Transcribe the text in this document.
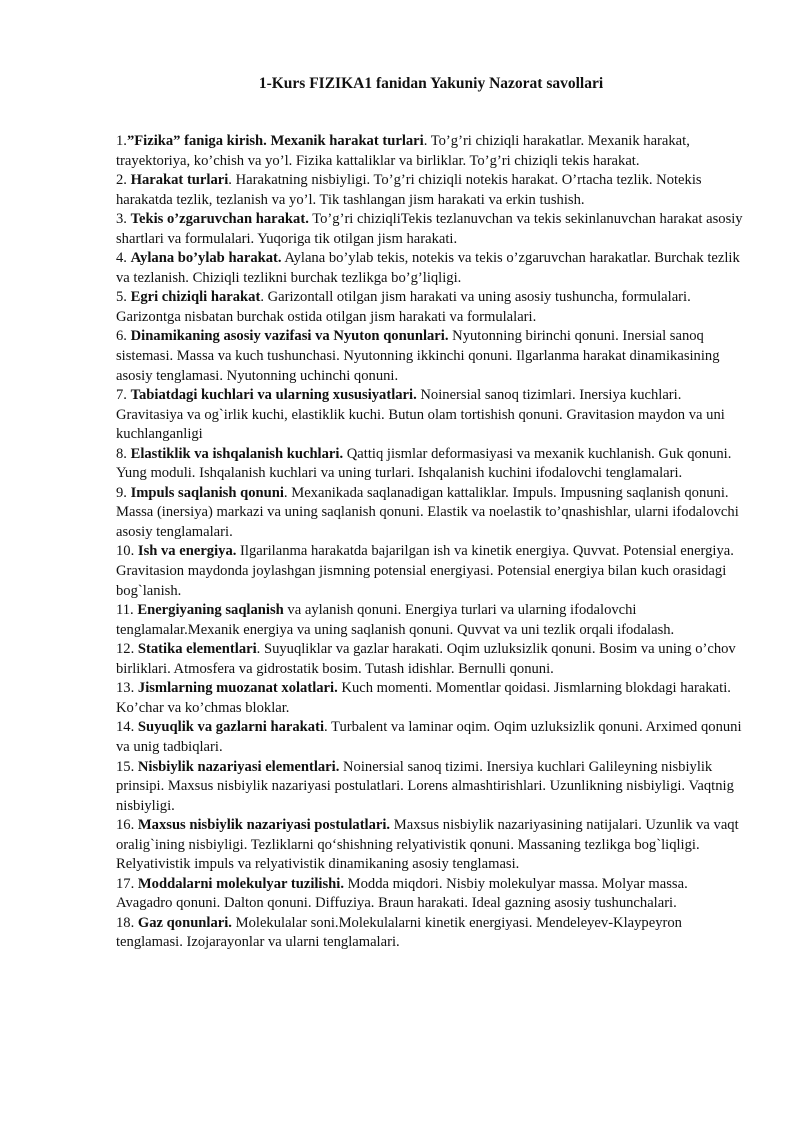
1-Kurs FIZIKA1 fanidan Yakuniy Nazorat savollari

1.”Fizika” faniga kirish. Mexanik harakat turlari. To’g’ri chiziqli harakatlar. Mexanik harakat, trayektoriya, ko’chish va yo’l. Fizika kattaliklar va birliklar. To’g’ri chiziqli tekis harakat.

2. Harakat turlari. Harakatning nisbiyligi. To’g’ri chiziqli notekis harakat. O’rtacha tezlik. Notekis harakatda tezlik, tezlanish va yo’l. Tik tashlangan jism harakati va erkin tushish.

3. Tekis o’zgaruvchan harakat. To’g’ri chiziqliTekis tezlanuvchan va tekis sekinlanuvchan harakat asosiy shartlari va formulalari. Yuqoriga tik otilgan jism harakati.

4. Aylana bo’ylab harakat. Aylana bo’ylab tekis, notekis va tekis o’zgaruvchan harakatlar. Burchak tezlik va tezlanish. Chiziqli tezlikni burchak tezlikga bo’g’liqligi.

5. Egri chiziqli harakat. Garizontall otilgan jism harakati va uning asosiy tushuncha, formulalari. Garizontga nisbatan burchak ostida otilgan jism harakati va formulalari.

6. Dinamikaning asosiy vazifasi va Nyuton qonunlari. Nyutonning birinchi qonuni. Inersial sanoq sistemasi. Massa va kuch tushunchasi. Nyutonning ikkinchi qonuni. Ilgarlanma harakat dinamikasining asosiy tenglamasi. Nyutonning uchinchi qonuni.

7. Tabiatdagi kuchlari va ularning xususiyatlari. Noinersial sanoq tizimlari. Inersiya kuchlari. Gravitasiya va og`irlik kuchi, elastiklik kuchi. Butun olam tortishish qonuni. Gravitasion maydon va uni kuchlanganligi

8. Elastiklik va ishqalanish kuchlari. Qattiq jismlar deformasiyasi va mexanik kuchlanish. Guk qonuni. Yung moduli. Ishqalanish kuchlari va uning turlari. Ishqalanish kuchini ifodalovchi tenglamalari.

9. Impuls saqlanish qonuni. Mexanikada saqlanadigan kattaliklar. Impuls. Impusning saqlanish qonuni. Massa (inersiya) markazi va uning saqlanish qonuni. Elastik va noelastik to’qnashishlar, ularni ifodalovchi asosiy tenglamalari.

10. Ish va energiya. Ilgarilanma harakatda bajarilgan ish va kinetik energiya. Quvvat. Potensial energiya. Gravitasion maydonda joylashgan jismning potensial energiyasi. Potensial energiya bilan kuch orasidagi bog`lanish.

11. Energiyaning saqlanish va aylanish qonuni. Energiya turlari va ularning ifodalovchi tenglamalar.Mexanik energiya va uning saqlanish qonuni. Quvvat va uni tezlik orqali ifodalash.

12. Statika elementlari. Suyuqliklar va gazlar harakati. Oqim uzluksizlik qonuni. Bosim va uning o’chov birliklari. Atmosfera va gidrostatik bosim. Tutash idishlar. Bernulli qonuni.

13. Jismlarning muozanat xolatlari. Kuch momenti. Momentlar qoidasi. Jismlarning blokdagi harakati. Ko’char va ko’chmas bloklar.

14. Suyuqlik va gazlarni harakati. Turbalent va laminar oqim. Oqim uzluksizlik qonuni. Arximed qonuni va unig tadbiqlari.

15. Nisbiylik nazariyasi elementlari. Noinersial sanoq tizimi. Inersiya kuchlari Galileyning nisbiylik prinsipi. Maxsus nisbiylik nazariyasi postulatlari. Lorens almashtirishlari. Uzunlikning nisbiyligi. Vaqtnig nisbiyligi.

16. Maxsus nisbiylik nazariyasi postulatlari. Maxsus nisbiylik nazariyasining natijalari. Uzunlik va vaqt oralig`ining nisbiyligi. Tezliklarni qo‘shishning relyativistik qonuni. Massaning tezlikga bog`liqligi. Relyativistik impuls va relyativistik dinamikaning asosiy tenglamasi.

17. Moddalarni molekulyar tuzilishi. Modda miqdori. Nisbiy molekulyar massa. Molyar massa. Avagadro qonuni. Dalton qonuni. Diffuziya. Braun harakati. Ideal gazning asosiy tushunchalari.

18. Gaz qonunlari. Molekulalar soni.Molekulalarni kinetik energiyasi. Mendeleyev-Klaypeyron tenglamasi. Izojarayonlar va ularni tenglamalari.
